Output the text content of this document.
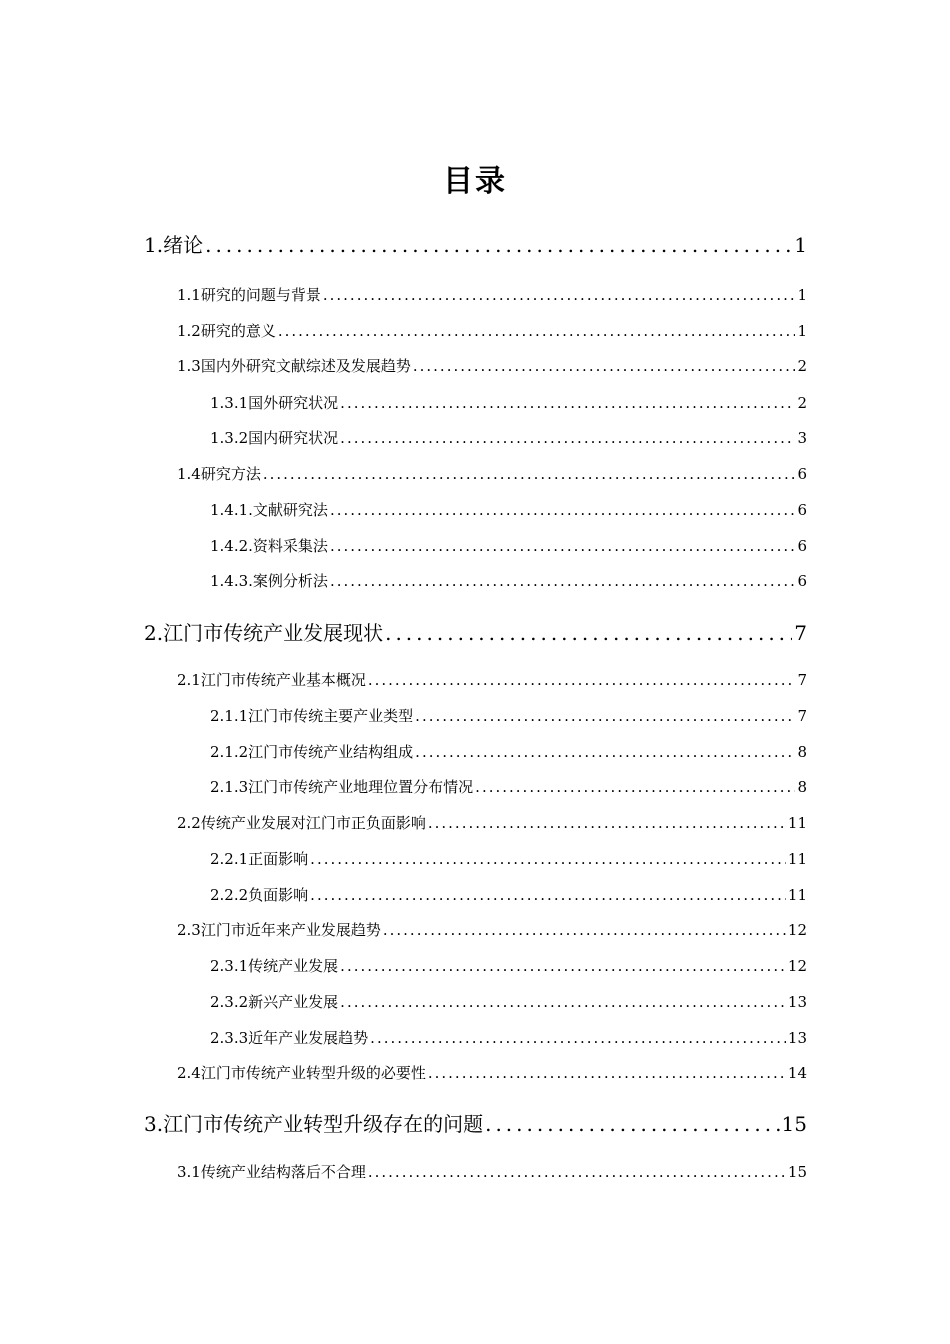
目录
1.绪论 .....	1
1.1研究的问题与背景 .....	1
1.2研究的意义 .....	1
1.3国内外研究文献综述及发展趋势 .....	2
1.3.1国外研究状况 .....	2
1.3.2国内研究状况 .....	3
1.4研究方法 .....	6
1.4.1.文献研究法 .....	6
1.4.2.资料采集法 .....	6
1.4.3.案例分析法 .....	6
2.江门市传统产业发展现状 .....	7
2.1江门市传统产业基本概况 .....	7
2.1.1江门市传统主要产业类型 .....	7
2.1.2江门市传统产业结构组成 .....	8
2.1.3江门市传统产业地理位置分布情况 .....	8
2.2传统产业发展对江门市正负面影响 .....	11
2.2.1正面影响 .....	11
2.2.2负面影响 .....	11
2.3江门市近年来产业发展趋势 .....	12
2.3.1传统产业发展 .....	12
2.3.2新兴产业发展 .....	13
2.3.3近年产业发展趋势 .....	13
2.4江门市传统产业转型升级的必要性 .....	14
3.江门市传统产业转型升级存在的问题 .....	15
3.1传统产业结构落后不合理 .....	15
